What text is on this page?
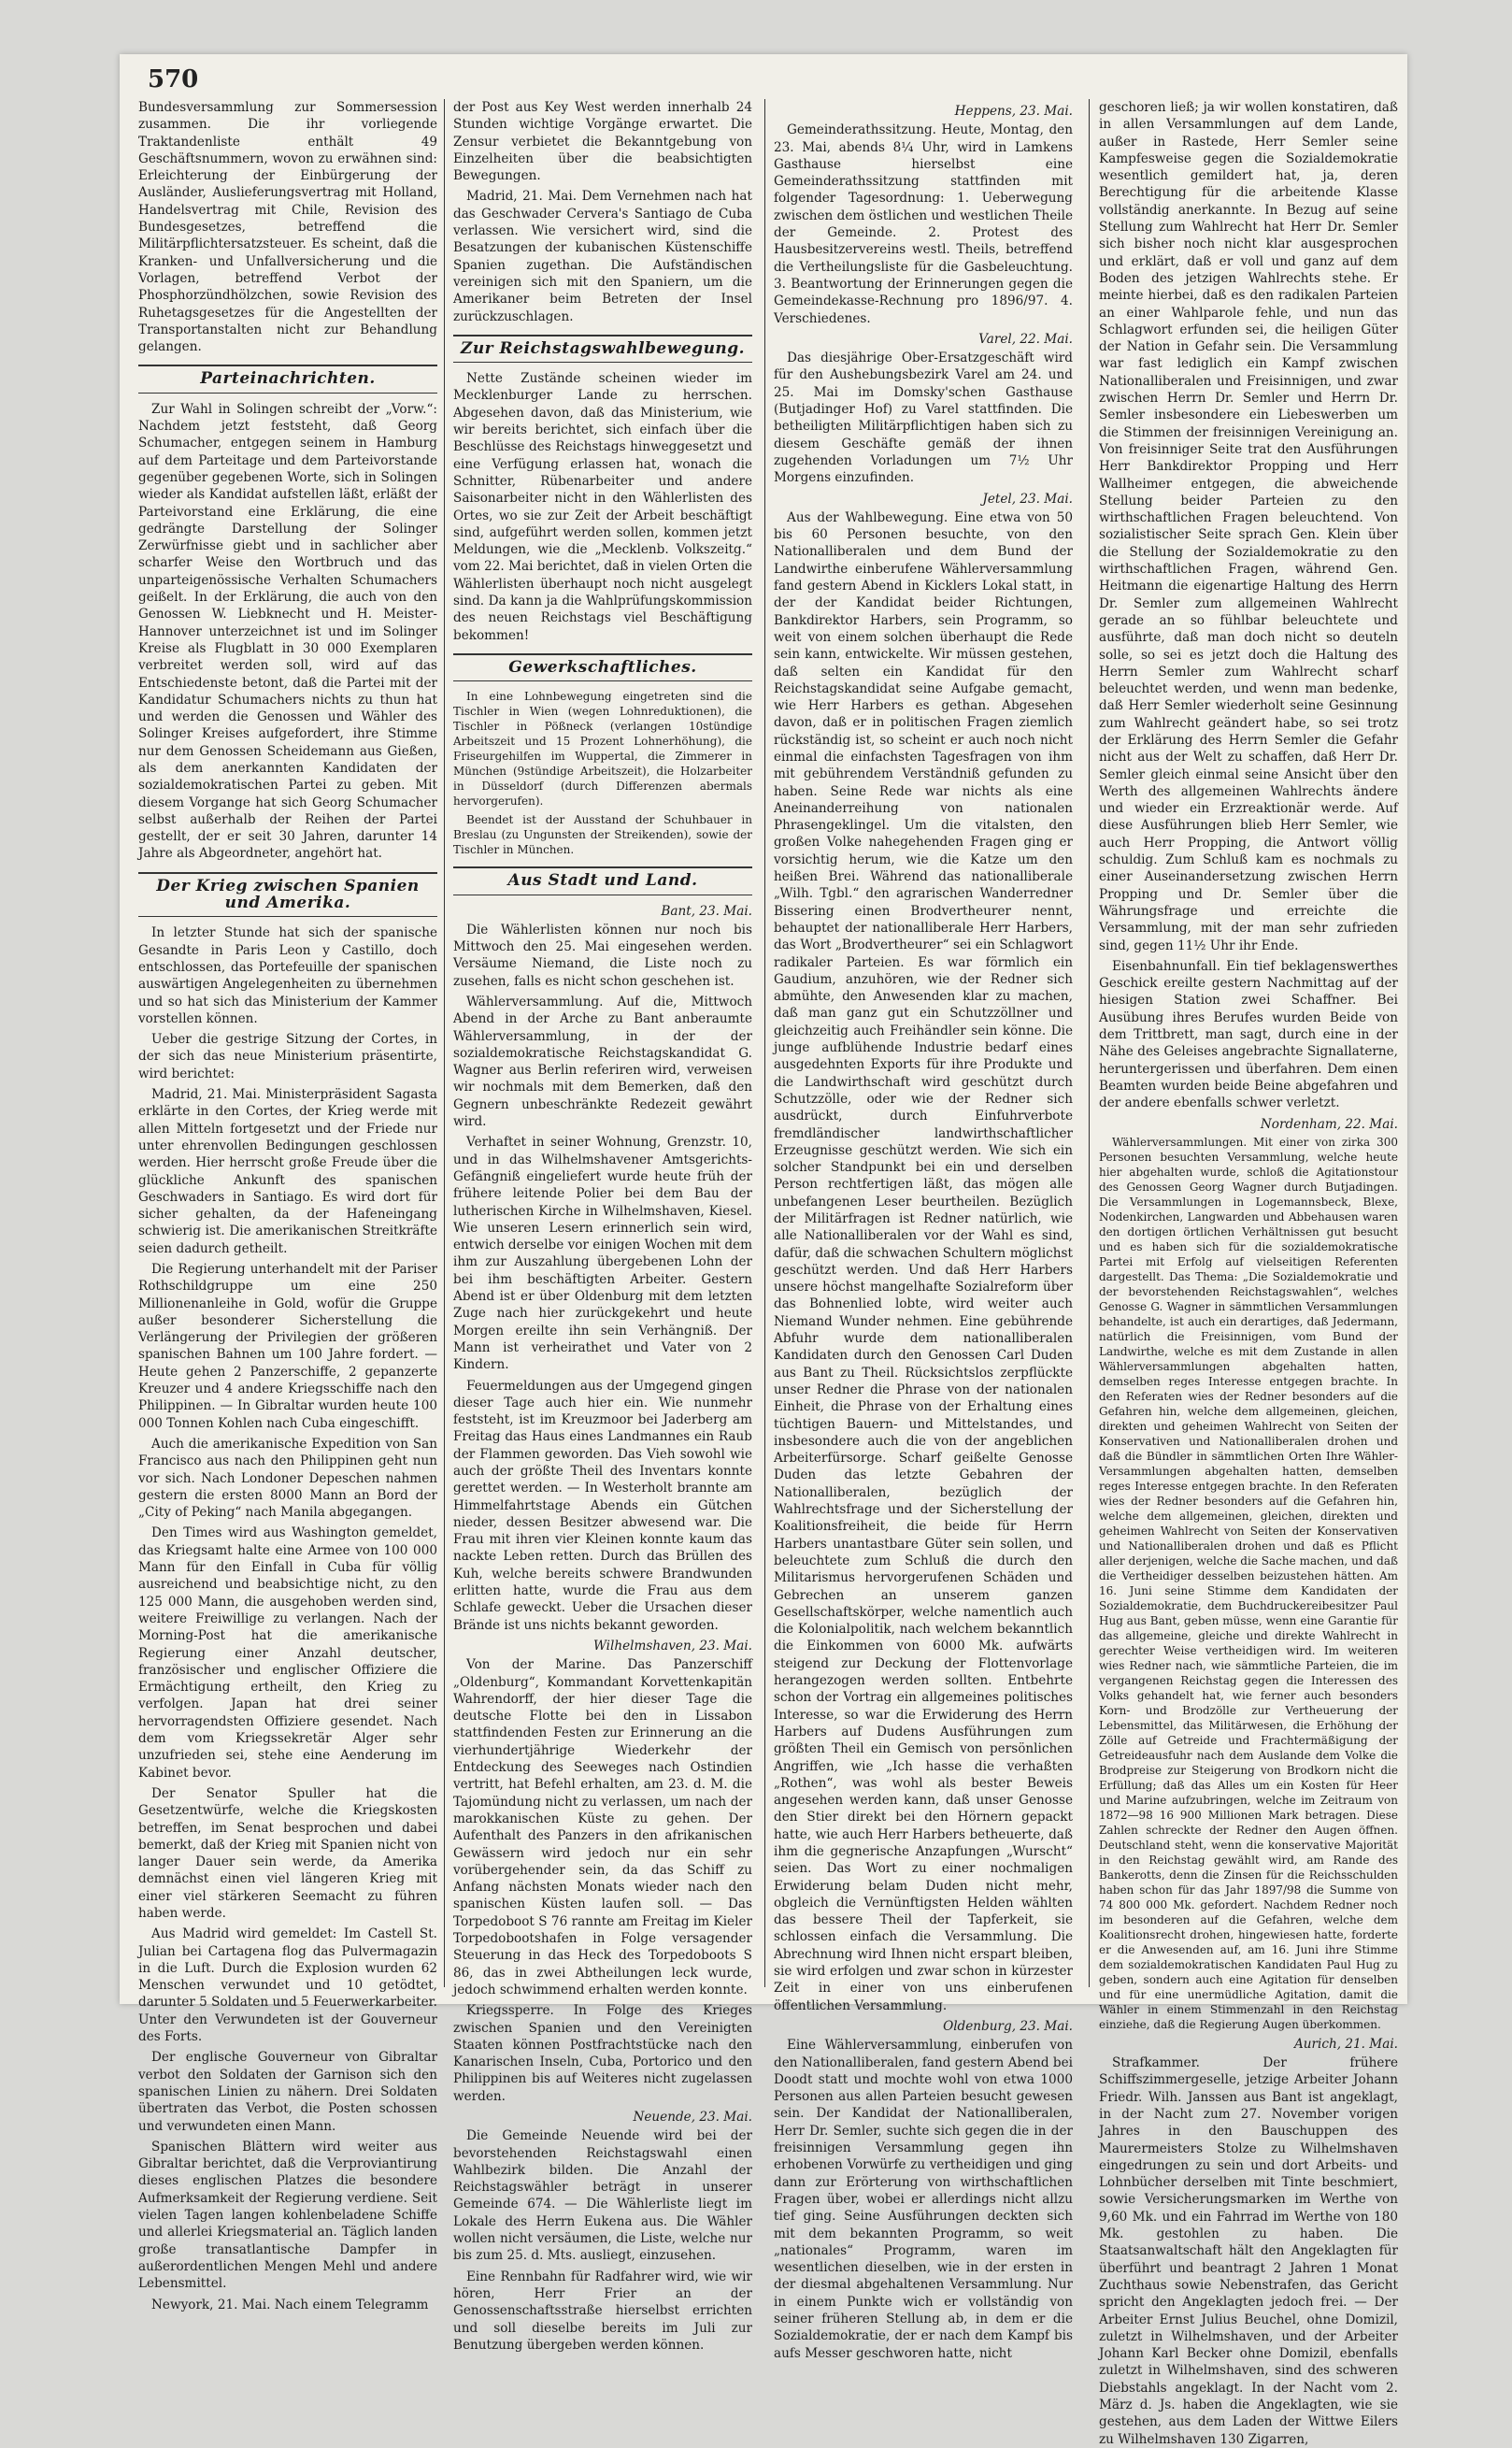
570

Bundesversammlung zur Sommersession zusammen. Die ihr vorliegende Traktandenliste enthält 49 Geschäftsnummern, wovon zu erwähnen sind: Erleichterung der Einbürgerung der Ausländer, Auslieferungsvertrag mit Holland, Handelsvertrag mit Chile, Revision des Bundesgesetzes, betreffend die Militärpflichtersatzsteuer. Es scheint, daß die Kranken- und Unfallversicherung und die Vorlagen, betreffend Verbot der Phosphorzündhölzchen, sowie Revision des Ruhetagsgesetzes für die Angestellten der Transportanstalten nicht zur Behandlung gelangen.

Parteinachrichten.

Zur Wahl in Solingen schreibt der „Vorw.“: Nachdem jetzt feststeht, daß Georg Schumacher, entgegen seinem in Hamburg auf dem Parteitage und dem Parteivorstande gegenüber gegebenen Worte, sich in Solingen wieder als Kandidat aufstellen läßt, erläßt der Parteivorstand eine Erklärung, die eine gedrängte Darstellung der Solinger Zerwürfnisse giebt und in sachlicher aber scharfer Weise den Wortbruch und das unparteigenössische Verhalten Schumachers geißelt. In der Erklärung, die auch von den Genossen W. Liebknecht und H. Meister-Hannover unterzeichnet ist und im Solinger Kreise als Flugblatt in 30 000 Exemplaren verbreitet werden soll, wird auf das Entschiedenste betont, daß die Partei mit der Kandidatur Schumachers nichts zu thun hat und werden die Genossen und Wähler des Solinger Kreises aufgefordert, ihre Stimme nur dem Genossen Scheidemann aus Gießen, als dem anerkannten Kandidaten der sozialdemokratischen Partei zu geben. Mit diesem Vorgange hat sich Georg Schumacher selbst außerhalb der Reihen der Partei gestellt, der er seit 30 Jahren, darunter 14 Jahre als Abgeordneter, angehört hat.

Der Krieg zwischen Spanien und Amerika.

In letzter Stunde hat sich der spanische Gesandte in Paris Leon y Castillo, doch entschlossen, das Portefeuille der spanischen auswärtigen Angelegenheiten zu übernehmen und so hat sich das Ministerium der Kammer vorstellen können.

Ueber die gestrige Sitzung der Cortes, in der sich das neue Ministerium präsentirte, wird berichtet:

Madrid, 21. Mai. Ministerpräsident Sagasta erklärte in den Cortes, der Krieg werde mit allen Mitteln fortgesetzt und der Friede nur unter ehrenvollen Bedingungen geschlossen werden. Hier herrscht große Freude über die glückliche Ankunft des spanischen Geschwaders in Santiago. Es wird dort für sicher gehalten, da der Hafeneingang schwierig ist. Die amerikanischen Streitkräfte seien dadurch getheilt.

Die Regierung unterhandelt mit der Pariser Rothschildgruppe um eine 250 Millionenanleihe in Gold, wofür die Gruppe außer besonderer Sicherstellung die Verlängerung der Privilegien der größeren spanischen Bahnen um 100 Jahre fordert. — Heute gehen 2 Panzerschiffe, 2 gepanzerte Kreuzer und 4 andere Kriegsschiffe nach den Philippinen. — In Gibraltar wurden heute 100 000 Tonnen Kohlen nach Cuba eingeschifft.

Auch die amerikanische Expedition von San Francisco aus nach den Philippinen geht nun vor sich. Nach Londoner Depeschen nahmen gestern die ersten 8000 Mann an Bord der „City of Peking“ nach Manila abgegangen.

Den Times wird aus Washington gemeldet, das Kriegsamt halte eine Armee von 100 000 Mann für den Einfall in Cuba für völlig ausreichend und beabsichtige nicht, zu den 125 000 Mann, die ausgehoben werden sind, weitere Freiwillige zu verlangen. Nach der Morning-Post hat die amerikanische Regierung einer Anzahl deutscher, französischer und englischer Offiziere die Ermächtigung ertheilt, den Krieg zu verfolgen. Japan hat drei seiner hervorragendsten Offiziere gesendet. Nach dem vom Kriegssekretär Alger sehr unzufrieden sei, stehe eine Aenderung im Kabinet bevor.

Der Senator Spuller hat die Gesetzentwürfe, welche die Kriegskosten betreffen, im Senat besprochen und dabei bemerkt, daß der Krieg mit Spanien nicht von langer Dauer sein werde, da Amerika demnächst einen viel längeren Krieg mit einer viel stärkeren Seemacht zu führen haben werde.

Aus Madrid wird gemeldet: Im Castell St. Julian bei Cartagena flog das Pulvermagazin in die Luft. Durch die Explosion wurden 62 Menschen verwundet und 10 getödtet, darunter 5 Soldaten und 5 Feuerwerkarbeiter. Unter den Verwundeten ist der Gouverneur des Forts.

Der englische Gouverneur von Gibraltar verbot den Soldaten der Garnison sich den spanischen Linien zu nähern. Drei Soldaten übertraten das Verbot, die Posten schossen und verwundeten einen Mann.

Spanischen Blättern wird weiter aus Gibraltar berichtet, daß die Verproviantirung dieses englischen Platzes die besondere Aufmerksamkeit der Regierung verdiene. Seit vielen Tagen langen kohlenbeladene Schiffe und allerlei Kriegsmaterial an. Täglich landen große transatlantische Dampfer in außerordentlichen Mengen Mehl und andere Lebensmittel.

Newyork, 21. Mai. Nach einem Telegramm

der Post aus Key West werden innerhalb 24 Stunden wichtige Vorgänge erwartet. Die Zensur verbietet die Bekanntgebung von Einzelheiten über die beabsichtigten Bewegungen.

Madrid, 21. Mai. Dem Vernehmen nach hat das Geschwader Cervera's Santiago de Cuba verlassen. Wie versichert wird, sind die Besatzungen der kubanischen Küstenschiffe Spanien zugethan. Die Aufständischen vereinigen sich mit den Spaniern, um die Amerikaner beim Betreten der Insel zurückzuschlagen.

Zur Reichstagswahlbewegung.

Nette Zustände scheinen wieder im Mecklenburger Lande zu herrschen. Abgesehen davon, daß das Ministerium, wie wir bereits berichtet, sich einfach über die Beschlüsse des Reichstags hinweggesetzt und eine Verfügung erlassen hat, wonach die Schnitter, Rübenarbeiter und andere Saisonarbeiter nicht in den Wählerlisten des Ortes, wo sie zur Zeit der Arbeit beschäftigt sind, aufgeführt werden sollen, kommen jetzt Meldungen, wie die „Mecklenb. Volkszeitg.“ vom 22. Mai berichtet, daß in vielen Orten die Wählerlisten überhaupt noch nicht ausgelegt sind. Da kann ja die Wahlprüfungskommission des neuen Reichstags viel Beschäftigung bekommen!

Gewerkschaftliches.

In eine Lohnbewegung eingetreten sind die Tischler in Wien (wegen Lohnreduktionen), die Tischler in Pößneck (verlangen 10stündige Arbeitszeit und 15 Prozent Lohnerhöhung), die Friseurgehilfen im Wuppertal, die Zimmerer in München (9stündige Arbeitszeit), die Holzarbeiter in Düsseldorf (durch Differenzen abermals hervorgerufen).

Beendet ist der Ausstand der Schuhbauer in Breslau (zu Ungunsten der Streikenden), sowie der Tischler in München.

Aus Stadt und Land.
Bant, 23. Mai.

Die Wählerlisten können nur noch bis Mittwoch den 25. Mai eingesehen werden. Versäume Niemand, die Liste noch zu zusehen, falls es nicht schon geschehen ist.

Wählerversammlung. Auf die, Mittwoch Abend in der Arche zu Bant anberaumte Wählerversammlung, in der der sozialdemokratische Reichstagskandidat G. Wagner aus Berlin referiren wird, verweisen wir nochmals mit dem Bemerken, daß den Gegnern unbeschränkte Redezeit gewährt wird.

Verhaftet in seiner Wohnung, Grenzstr. 10, und in das Wilhelmshavener Amtsgerichts-Gefängniß eingeliefert wurde heute früh der frühere leitende Polier bei dem Bau der lutherischen Kirche in Wilhelmshaven, Kiesel. Wie unseren Lesern erinnerlich sein wird, entwich derselbe vor einigen Wochen mit dem ihm zur Auszahlung übergebenen Lohn der bei ihm beschäftigten Arbeiter. Gestern Abend ist er über Oldenburg mit dem letzten Zuge nach hier zurückgekehrt und heute Morgen ereilte ihn sein Verhängniß. Der Mann ist verheirathet und Vater von 2 Kindern.

Feuermeldungen aus der Umgegend gingen dieser Tage auch hier ein. Wie nunmehr feststeht, ist im Kreuzmoor bei Jaderberg am Freitag das Haus eines Landmannes ein Raub der Flammen geworden. Das Vieh sowohl wie auch der größte Theil des Inventars konnte gerettet werden. — In Westerholt brannte am Himmelfahrtstage Abends ein Gütchen nieder, dessen Besitzer abwesend war. Die Frau mit ihren vier Kleinen konnte kaum das nackte Leben retten. Durch das Brüllen des Kuh, welche bereits schwere Brandwunden erlitten hatte, wurde die Frau aus dem Schlafe geweckt. Ueber die Ursachen dieser Brände ist uns nichts bekannt geworden.

Wilhelmshaven, 23. Mai.

Von der Marine. Das Panzerschiff „Oldenburg“, Kommandant Korvettenkapitän Wahrendorff, der hier dieser Tage die deutsche Flotte bei den in Lissabon stattfindenden Festen zur Erinnerung an die vierhundertjährige Wiederkehr der Entdeckung des Seeweges nach Ostindien vertritt, hat Befehl erhalten, am 23. d. M. die Tajomündung nicht zu verlassen, um nach der marokkanischen Küste zu gehen. Der Aufenthalt des Panzers in den afrikanischen Gewässern wird jedoch nur ein sehr vorübergehender sein, da das Schiff zu Anfang nächsten Monats wieder nach den spanischen Küsten laufen soll. — Das Torpedoboot S 76 rannte am Freitag im Kieler Torpedobootshafen in Folge versagender Steuerung in das Heck des Torpedoboots S 86, das in zwei Abtheilungen leck wurde, jedoch schwimmend erhalten werden konnte.

Kriegssperre. In Folge des Krieges zwischen Spanien und den Vereinigten Staaten können Postfrachtstücke nach den Kanarischen Inseln, Cuba, Portorico und den Philippinen bis auf Weiteres nicht zugelassen werden.

Neuende, 23. Mai.

Die Gemeinde Neuende wird bei der bevorstehenden Reichstagswahl einen Wahlbezirk bilden. Die Anzahl der Reichstagswähler beträgt in unserer Gemeinde 674. — Die Wählerliste liegt im Lokale des Herrn Eukena aus. Die Wähler wollen nicht versäumen, die Liste, welche nur bis zum 25. d. Mts. ausliegt, einzusehen.

Eine Rennbahn für Radfahrer wird, wie wir hören, Herr Frier an der Genossenschaftsstraße hierselbst errichten und soll dieselbe bereits im Juli zur Benutzung übergeben werden können.

Heppens, 23. Mai.

Gemeinderathssitzung. Heute, Montag, den 23. Mai, abends 8¼ Uhr, wird in Lamkens Gasthause hierselbst eine Gemeinderathssitzung stattfinden mit folgender Tagesordnung: 1. Ueberwegung zwischen dem östlichen und westlichen Theile der Gemeinde. 2. Protest des Hausbesitzervereins westl. Theils, betreffend die Vertheilungsliste für die Gasbeleuchtung. 3. Beantwortung der Erinnerungen gegen die Gemeindekasse-Rechnung pro 1896/97. 4. Verschiedenes.

Varel, 22. Mai.

Das diesjährige Ober-Ersatzgeschäft wird für den Aushebungsbezirk Varel am 24. und 25. Mai im Domsky'schen Gasthause (Butjadinger Hof) zu Varel stattfinden. Die betheiligten Militärpflichtigen haben sich zu diesem Geschäfte gemäß der ihnen zugehenden Vorladungen um 7½ Uhr Morgens einzufinden.

Jetel, 23. Mai.

Aus der Wahlbewegung. Eine etwa von 50 bis 60 Personen besuchte, von den Nationalliberalen und dem Bund der Landwirthe einberufene Wählerversammlung fand gestern Abend in Kicklers Lokal statt, in der der Kandidat beider Richtungen, Bankdirektor Harbers, sein Programm, so weit von einem solchen überhaupt die Rede sein kann, entwickelte. Wir müssen gestehen, daß selten ein Kandidat für den Reichstagskandidat seine Aufgabe gemacht, wie Herr Harbers es gethan. Abgesehen davon, daß er in politischen Fragen ziemlich rückständig ist, so scheint er auch noch nicht einmal die einfachsten Tagesfragen von ihm mit gebührendem Verständniß gefunden zu haben. Seine Rede war nichts als eine Aneinanderreihung von nationalen Phrasengeklingel. Um die vitalsten, den großen Volke nahegehenden Fragen ging er vorsichtig herum, wie die Katze um den heißen Brei. Während das nationalliberale „Wilh. Tgbl.“ den agrarischen Wanderredner Bissering einen Brodvertheurer nennt, behauptet der nationalliberale Herr Harbers, das Wort „Brodvertheurer“ sei ein Schlagwort radikaler Parteien. Es war förmlich ein Gaudium, anzuhören, wie der Redner sich abmühte, den Anwesenden klar zu machen, daß man ganz gut ein Schutzzöllner und gleichzeitig auch Freihändler sein könne. Die junge aufblühende Industrie bedarf eines ausgedehnten Exports für ihre Produkte und die Landwirthschaft wird geschützt durch Schutzzölle, oder wie der Redner sich ausdrückt, durch Einfuhrverbote fremdländischer landwirthschaftlicher Erzeugnisse geschützt werden. Wie sich ein solcher Standpunkt bei ein und derselben Person rechtfertigen läßt, das mögen alle unbefangenen Leser beurtheilen. Bezüglich der Militärfragen ist Redner natürlich, wie alle Nationalliberalen vor der Wahl es sind, dafür, daß die schwachen Schultern möglichst geschützt werden. Und daß Herr Harbers unsere höchst mangelhafte Sozialreform über das Bohnenlied lobte, wird weiter auch Niemand Wunder nehmen. Eine gebührende Abfuhr wurde dem nationalliberalen Kandidaten durch den Genossen Carl Duden aus Bant zu Theil. Rücksichtslos zerpflückte unser Redner die Phrase von der nationalen Einheit, die Phrase von der Erhaltung eines tüchtigen Bauern- und Mittelstandes, und insbesondere auch die von der angeblichen Arbeiterfürsorge. Scharf geißelte Genosse Duden das letzte Gebahren der Nationalliberalen, bezüglich der Wahlrechtsfrage und der Sicherstellung der Koalitionsfreiheit, die beide für Herrn Harbers unantastbare Güter sein sollen, und beleuchtete zum Schluß die durch den Militarismus hervorgerufenen Schäden und Gebrechen an unserem ganzen Gesellschaftskörper, welche namentlich auch die Kolonialpolitik, nach welchem bekanntlich die Einkommen von 6000 Mk. aufwärts steigend zur Deckung der Flottenvorlage herangezogen werden sollten. Entbehrte schon der Vortrag ein allgemeines politisches Interesse, so war die Erwiderung des Herrn Harbers auf Dudens Ausführungen zum größten Theil ein Gemisch von persönlichen Angriffen, wie „Ich hasse die verhaßten „Rothen“, was wohl als bester Beweis angesehen werden kann, daß unser Genosse den Stier direkt bei den Hörnern gepackt hatte, wie auch Herr Harbers betheuerte, daß ihm die gegnerische Anzapfungen „Wurscht“ seien. Das Wort zu einer nochmaligen Erwiderung belam Duden nicht mehr, obgleich die Vernünftigsten Helden wählten das bessere Theil der Tapferkeit, sie schlossen einfach die Versammlung. Die Abrechnung wird Ihnen nicht erspart bleiben, sie wird erfolgen und zwar schon in kürzester Zeit in einer von uns einberufenen öffentlichen Versammlung.

Oldenburg, 23. Mai.

Eine Wählerversammlung, einberufen von den Nationalliberalen, fand gestern Abend bei Doodt statt und mochte wohl von etwa 1000 Personen aus allen Parteien besucht gewesen sein. Der Kandidat der Nationalliberalen, Herr Dr. Semler, suchte sich gegen die in der freisinnigen Versammlung gegen ihn erhobenen Vorwürfe zu vertheidigen und ging dann zur Erörterung von wirthschaftlichen Fragen über, wobei er allerdings nicht allzu tief ging. Seine Ausführungen deckten sich mit dem bekannten Programm, so weit „nationales“ Programm, waren im wesentlichen dieselben, wie in der ersten in der diesmal abgehaltenen Versammlung. Nur in einem Punkte wich er vollständig von seiner früheren Stellung ab, in dem er die Sozialdemokratie, der er nach dem Kampf bis aufs Messer geschworen hatte, nicht

geschoren ließ; ja wir wollen konstatiren, daß in allen Versammlungen auf dem Lande, außer in Rastede, Herr Semler seine Kampfesweise gegen die Sozialdemokratie wesentlich gemildert hat, ja, deren Berechtigung für die arbeitende Klasse vollständig anerkannte. In Bezug auf seine Stellung zum Wahlrecht hat Herr Dr. Semler sich bisher noch nicht klar ausgesprochen und erklärt, daß er voll und ganz auf dem Boden des jetzigen Wahlrechts stehe. Er meinte hierbei, daß es den radikalen Parteien an einer Wahlparole fehle, und nun das Schlagwort erfunden sei, die heiligen Güter der Nation in Gefahr sein. Die Versammlung war fast lediglich ein Kampf zwischen Nationalliberalen und Freisinnigen, und zwar zwischen Herrn Dr. Semler und Herrn Dr. Semler insbesondere ein Liebeswerben um die Stimmen der freisinnigen Vereinigung an. Von freisinniger Seite trat den Ausführungen Herr Bankdirektor Propping und Herr Wallheimer entgegen, die abweichende Stellung beider Parteien zu den wirthschaftlichen Fragen beleuchtend. Von sozialistischer Seite sprach Gen. Klein über die Stellung der Sozialdemokratie zu den wirthschaftlichen Fragen, während Gen. Heitmann die eigenartige Haltung des Herrn Dr. Semler zum allgemeinen Wahlrecht gerade an so fühlbar beleuchtete und ausführte, daß man doch nicht so deuteln solle, so sei es jetzt doch die Haltung des Herrn Semler zum Wahlrecht scharf beleuchtet werden, und wenn man bedenke, daß Herr Semler wiederholt seine Gesinnung zum Wahlrecht geändert habe, so sei trotz der Erklärung des Herrn Semler die Gefahr nicht aus der Welt zu schaffen, daß Herr Dr. Semler gleich einmal seine Ansicht über den Werth des allgemeinen Wahlrechts ändere und wieder ein Erzreaktionär werde. Auf diese Ausführungen blieb Herr Semler, wie auch Herr Propping, die Antwort völlig schuldig. Zum Schluß kam es nochmals zu einer Auseinandersetzung zwischen Herrn Propping und Dr. Semler über die Währungsfrage und erreichte die Versammlung, mit der man sehr zufrieden sind, gegen 11½ Uhr ihr Ende.

Eisenbahnunfall. Ein tief beklagenswerthes Geschick ereilte gestern Nachmittag auf der hiesigen Station zwei Schaffner. Bei Ausübung ihres Berufes wurden Beide von dem Trittbrett, man sagt, durch eine in der Nähe des Geleises angebrachte Signallaterne, heruntergerissen und überfahren. Dem einen Beamten wurden beide Beine abgefahren und der andere ebenfalls schwer verletzt.

Nordenham, 22. Mai.

Wählerversammlungen. Mit einer von zirka 300 Personen besuchten Versammlung, welche heute hier abgehalten wurde, schloß die Agitationstour des Genossen Georg Wagner durch Butjadingen. Die Versammlungen in Logemannsbeck, Blexe, Nodenkirchen, Langwarden und Abbehausen waren den dortigen örtlichen Verhältnissen gut besucht und es haben sich für die sozialdemokratische Partei mit Erfolg auf vielseitigen Referenten dargestellt. Das Thema: „Die Sozialdemokratie und der bevorstehenden Reichstagswahlen“, welches Genosse G. Wagner in sämmtlichen Versammlungen behandelte, ist auch ein derartiges, daß Jedermann, natürlich die Freisinnigen, vom Bund der Landwirthe, welche es mit dem Zustande in allen Wählerversammlungen abgehalten hatten, demselben reges Interesse entgegen brachte. In den Referaten wies der Redner besonders auf die Gefahren hin, welche dem allgemeinen, gleichen, direkten und geheimen Wahlrecht von Seiten der Konservativen und Nationalliberalen drohen und daß die Bündler in sämmtlichen Orten Ihre Wähler-Versammlungen abgehalten hatten, demselben reges Interesse entgegen brachte. In den Referaten wies der Redner besonders auf die Gefahren hin, welche dem allgemeinen, gleichen, direkten und geheimen Wahlrecht von Seiten der Konservativen und Nationalliberalen drohen und daß es Pflicht aller derjenigen, welche die Sache machen, und daß die Vertheidiger desselben beizustehen hätten. Am 16. Juni seine Stimme dem Kandidaten der Sozialdemokratie, dem Buchdruckereibesitzer Paul Hug aus Bant, geben müsse, wenn eine Garantie für das allgemeine, gleiche und direkte Wahlrecht in gerechter Weise vertheidigen wird. Im weiteren wies Redner nach, wie sämmtliche Parteien, die im vergangenen Reichstag gegen die Interessen des Volks gehandelt hat, wie ferner auch besonders Korn- und Brodzölle zur Vertheuerung der Lebensmittel, das Militärwesen, die Erhöhung der Zölle auf Getreide und Frachtermäßigung der Getreideausfuhr nach dem Auslande dem Volke die Brodpreise zur Steigerung von Brodkorn nicht die Erfüllung; daß das Alles um ein Kosten für Heer und Marine aufzubringen, welche im Zeitraum von 1872—98 16 900 Millionen Mark betragen. Diese Zahlen schreckte der Redner den Augen öffnen. Deutschland steht, wenn die konservative Majorität in den Reichstag gewählt wird, am Rande des Bankerotts, denn die Zinsen für die Reichsschulden haben schon für das Jahr 1897/98 die Summe von 74 800 000 Mk. gefordert. Nachdem Redner noch im besonderen auf die Gefahren, welche dem Koalitionsrecht drohen, hingewiesen hatte, forderte er die Anwesenden auf, am 16. Juni ihre Stimme dem sozialdemokratischen Kandidaten Paul Hug zu geben, sondern auch eine Agitation für denselben und für eine unermüdliche Agitation, damit die Wähler in einem Stimmenzahl in den Reichstag einziehe, daß die Regierung Augen überkommen.

Aurich, 21. Mai.

Strafkammer. Der frühere Schiffszimmergeselle, jetzige Arbeiter Johann Friedr. Wilh. Janssen aus Bant ist angeklagt, in der Nacht zum 27. November vorigen Jahres in den Bauschuppen des Maurermeisters Stolze zu Wilhelmshaven eingedrungen zu sein und dort Arbeits- und Lohnbücher derselben mit Tinte beschmiert, sowie Versicherungsmarken im Werthe von 9,60 Mk. und ein Fahrrad im Werthe von 180 Mk. gestohlen zu haben. Die Staatsanwaltschaft hält den Angeklagten für überführt und beantragt 2 Jahren 1 Monat Zuchthaus sowie Nebenstrafen, das Gericht spricht den Angeklagten jedoch frei. — Der Arbeiter Ernst Julius Beuchel, ohne Domizil, zuletzt in Wilhelmshaven, und der Arbeiter Johann Karl Becker ohne Domizil, ebenfalls zuletzt in Wilhelmshaven, sind des schweren Diebstahls angeklagt. In der Nacht vom 2. März d. Js. haben die Angeklagten, wie sie gestehen, aus dem Laden der Wittwe Eilers zu Wilhelmshaven 130 Zigarren,
